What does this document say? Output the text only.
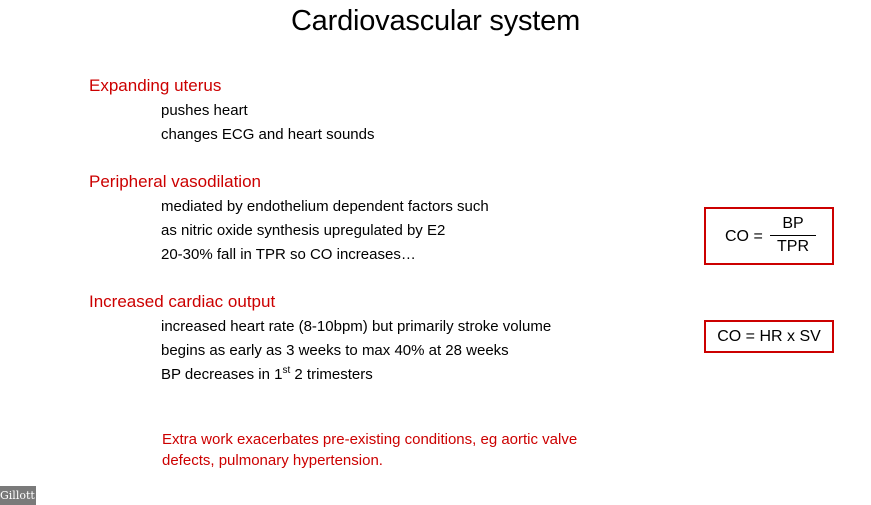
Cardiovascular system
Expanding uterus
pushes heart
changes ECG and heart sounds
Peripheral vasodilation
mediated by endothelium dependent factors such
as nitric oxide synthesis upregulated by E2
20-30% fall in TPR so CO increases…
Increased cardiac output
increased heart rate (8-10bpm) but primarily stroke volume
begins as early as 3 weeks to max 40% at 28 weeks
BP decreases in 1st 2 trimesters
Extra work exacerbates pre-existing conditions, eg aortic valve defects, pulmonary hypertension.
CO =
BP
TPR
CO = HR x SV
Gillott
